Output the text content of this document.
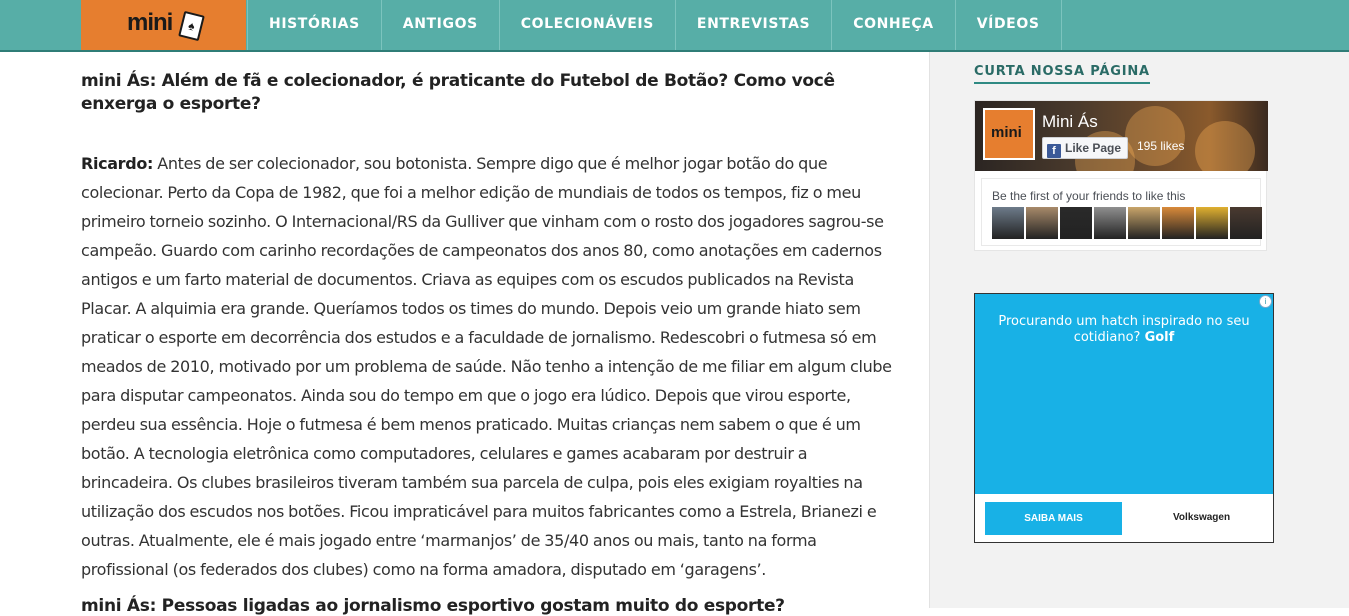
mini	♠	HISTÓRIAS	ANTIGOS	COLECIONÁVEIS	ENTREVISTAS	CONHEÇA	VÍDEOS
mini Ás: Além de fã e colecionador, é praticante do Futebol de Botão? Como você enxerga o esporte?

Ricardo: Antes de ser colecionador, sou botonista. Sempre digo que é melhor jogar botão do que colecionar. Perto da Copa de 1982, que foi a melhor edição de mundiais de todos os tempos, fiz o meu primeiro torneio sozinho. O Internacional/RS da Gulliver que vinham com o rosto dos jogadores sagrou-se campeão. Guardo com carinho recordações de campeonatos dos anos 80, como anotações em cadernos antigos e um farto material de documentos. Criava as equipes com os escudos publicados na Revista Placar. A alquimia era grande. Queríamos todos os times do mundo. Depois veio um grande hiato sem praticar o esporte em decorrência dos estudos e a faculdade de jornalismo. Redescobri o futmesa só em meados de 2010, motivado por um problema de saúde. Não tenho a intenção de me filiar em algum clube para disputar campeonatos. Ainda sou do tempo em que o jogo era lúdico. Depois que virou esporte, perdeu sua essência. Hoje o futmesa é bem menos praticado. Muitas crianças nem sabem o que é um botão. A tecnologia eletrônica como computadores, celulares e games acabaram por destruir a brincadeira. Os clubes brasileiros tiveram também sua parcela de culpa, pois eles exigiam royalties na utilização dos escudos nos botões. Ficou impraticável para muitos fabricantes como a Estrela, Brianezi e outras. Atualmente, ele é mais jogado entre ‘marmanjos’ de 35/40 anos ou mais, tanto na forma profissional (os federados dos clubes) como na forma amadora, disputado em ‘garagens’.

mini Ás: Pessoas ligadas ao jornalismo esportivo gostam muito do esporte?
CURTA NOSSA PÁGINA
mini
Mini Ás
f Like Page	195 likes
Be the first of your friends to like this
i
Procurando um hatch inspirado no seu cotidiano? Golf
SAIBA MAIS	Volkswagen
